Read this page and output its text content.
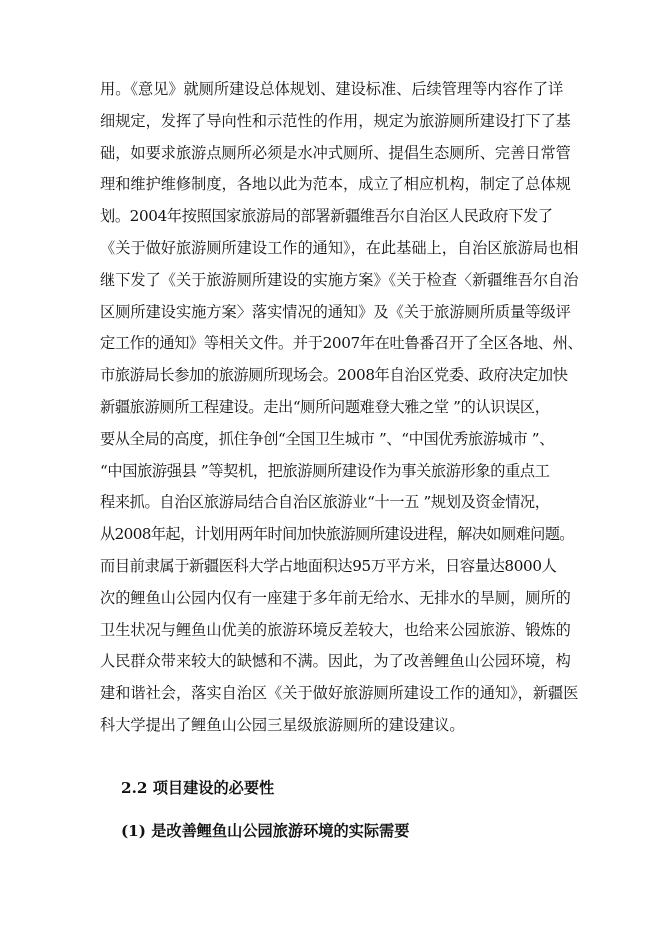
用。《意见》就厕所建设总体规划、建设标准、后续管理等内容作了详
细规定，发挥了导向性和示范性的作用，规定为旅游厕所建设打下了基
础，如要求旅游点厕所必须是水冲式厕所、提倡生态厕所、完善日常管
理和维护维修制度，各地以此为范本，成立了相应机构，制定了总体规
划。2004年按照国家旅游局的部署新疆维吾尔自治区人民政府下发了
《关于做好旅游厕所建设工作的通知》，在此基础上，自治区旅游局也相
继下发了《关于旅游厕所建设的实施方案》《关于检查〈新疆维吾尔自治
区厕所建设实施方案〉落实情况的通知》及《关于旅游厕所质量等级评
定工作的通知》等相关文件。并于2007年在吐鲁番召开了全区各地、州、
市旅游局长参加的旅游厕所现场会。2008年自治区党委、政府决定加快
新疆旅游厕所工程建设。走出“厕所问题难登大雅之堂 ”的认识误区，
要从全局的高度，抓住争创“全国卫生城市 ”、“中国优秀旅游城市 ”、
“中国旅游强县 ”等契机，把旅游厕所建设作为事关旅游形象的重点工
程来抓。自治区旅游局结合自治区旅游业“十一五 ”规划及资金情况，
从2008年起，计划用两年时间加快旅游厕所建设进程，解决如厕难问题。
而目前隶属于新疆医科大学占地面积达95万平方米，日容量达8000人
次的鲤鱼山公园内仅有一座建于多年前无给水、无排水的旱厕，厕所的
卫生状况与鲤鱼山优美的旅游环境反差较大，也给来公园旅游、锻炼的
人民群众带来较大的缺憾和不满。因此，为了改善鲤鱼山公园环境，构
建和谐社会，落实自治区《关于做好旅游厕所建设工作的通知》，新疆医
科大学提出了鲤鱼山公园三星级旅游厕所的建设建议。
2.2 项目建设的必要性
(1) 是改善鲤鱼山公园旅游环境的实际需要
